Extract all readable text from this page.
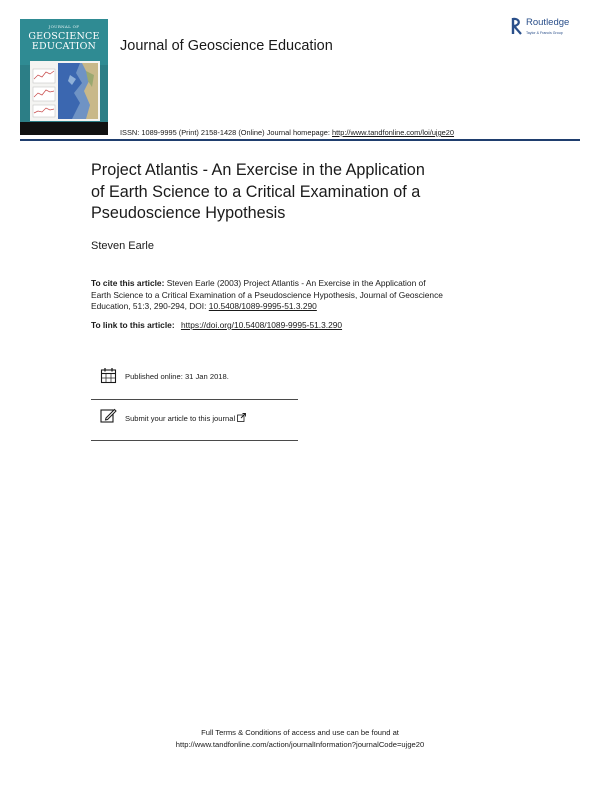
JOURNAL OF
GEOSCIENCE
EDUCATION	Journal of Geoscience Education
Routledge
Taylor & Francis Group
ISSN: 1089-9995 (Print) 2158-1428 (Online) Journal homepage: http://www.tandfonline.com/loi/ujge20
Project Atlantis - An Exercise in the Application
of Earth Science to a Critical Examination of a
Pseudoscience Hypothesis
Steven Earle
To cite this article: Steven Earle (2003) Project Atlantis - An Exercise in the Application of
Earth Science to a Critical Examination of a Pseudoscience Hypothesis, Journal of Geoscience
Education, 51:3, 290-294, DOI: 10.5408/1089-9995-51.3.290
To link to this article: https://doi.org/10.5408/1089-9995-51.3.290
Published online: 31 Jan 2018.
Submit your article to this journal
Full Terms & Conditions of access and use can be found at
http://www.tandfonline.com/action/journalInformation?journalCode=ujge20
